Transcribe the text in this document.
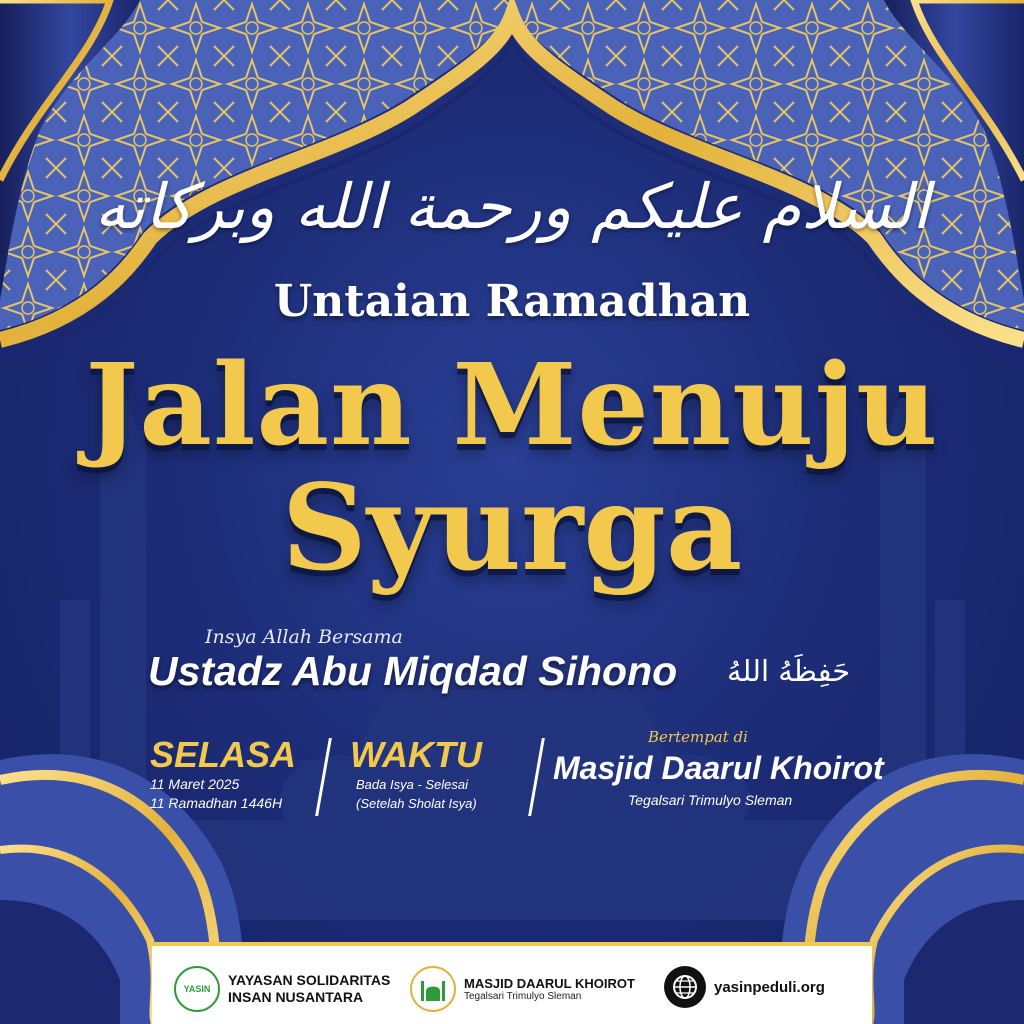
السلام عليكم ورحمة الله وبركاته
Untaian Ramadhan
Jalan Menuju
Syurga
Insya Allah Bersama
Ustadz Abu Miqdad Sihono حَفِظَهُ اللهُ
SELASA
11 Maret 2025
11 Ramadhan 1446H
WAKTU
Bada Isya - Selesai
(Setelah Sholat Isya)
Bertempat di
Masjid Daarul Khoirot
Tegalsari Trimulyo Sleman
YASIN
YAYASAN SOLIDARITAS
INSAN NUSANTARA
MASJID DAARUL KHOIROT
Tegalsari Trimulyo Sleman
yasinpeduli.org
